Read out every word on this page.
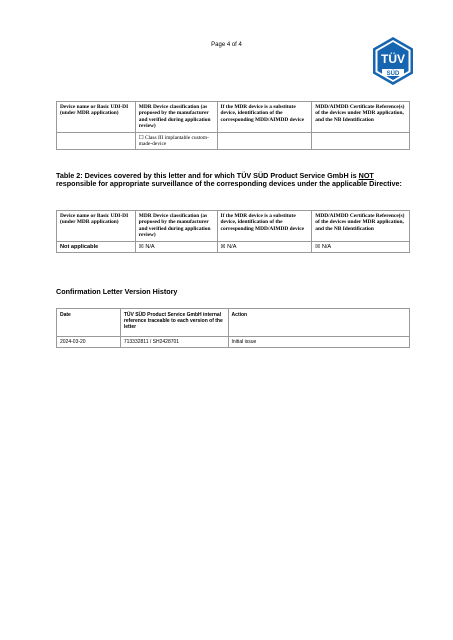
Page 4 of 4
TÜV
SÜD
Device name or Basic UDI-DI (under MDR application)	MDR Device classification (as proposed by the manufacturer and verified during application review)	If the MDR device is a substitute device, identification of the corresponding MDD/AIMDD device	MDD/AIMDD Certificate Reference(s) of the devices under MDR application, and the NB Identification
	☐ Class III implantable custom-made-device		
Table 2: Devices covered by this letter and for which TÜV SÜD Product Service GmbH is NOT responsible for appropriate surveillance of the corresponding devices under the applicable Directive:
Device name or Basic UDI-DI (under MDR application)	MDR Device classification (as proposed by the manufacturer and verified during application review)	If the MDR device is a substitute device, identification of the corresponding MDD/AIMDD device	MDD/AIMDD Certificate Reference(s) of the devices under MDR application, and the NB Identification
Not applicable	☒ N/A	☒ N/A	☒ N/A
Confirmation Letter Version History
Date	TÜV SÜD Product Service GmbH internal reference traceable to each version of the letter	Action
2024-03-20	713332811 / SH2428701	Initial issue
